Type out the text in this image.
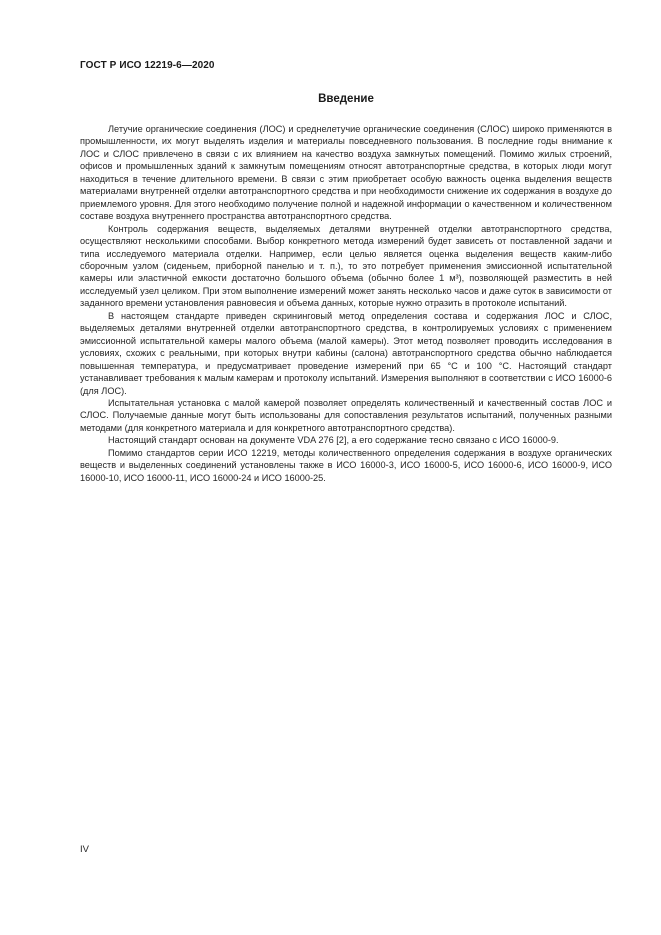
ГОСТ Р ИСО 12219-6—2020
Введение

Летучие органические соединения (ЛОС) и среднелетучие органические соединения (СЛОС) широко применяются в промышленности, их могут выделять изделия и материалы повседневного пользования. В последние годы внимание к ЛОС и СЛОС привлечено в связи с их влиянием на качество воздуха замкнутых помещений. Помимо жилых строений, офисов и промышленных зданий к замкнутым помещениям относят автотранспортные средства, в которых люди могут находиться в течение длительного времени. В связи с этим приобретает особую важность оценка выделения веществ материалами внутренней отделки автотранспортного средства и при необходимости снижение их содержания в воздухе до приемлемого уровня. Для этого необходимо получение полной и надежной информации о качественном и количественном составе воздуха внутреннего пространства автотранспортного средства.

Контроль содержания веществ, выделяемых деталями внутренней отделки автотранспортного средства, осуществляют несколькими способами. Выбор конкретного метода измерений будет зависеть от поставленной задачи и типа исследуемого материала отделки. Например, если целью является оценка выделения веществ каким-либо сборочным узлом (сиденьем, приборной панелью и т. п.), то это потребует применения эмиссионной испытательной камеры или эластичной емкости достаточно большого объема (обычно более 1 м³), позволяющей разместить в ней исследуемый узел целиком. При этом выполнение измерений может занять несколько часов и даже суток в зависимости от заданного времени установления равновесия и объема данных, которые нужно отразить в протоколе испытаний.

В настоящем стандарте приведен скрининговый метод определения состава и содержания ЛОС и СЛОС, выделяемых деталями внутренней отделки автотранспортного средства, в контролируемых условиях с применением эмиссионной испытательной камеры малого объема (малой камеры). Этот метод позволяет проводить исследования в условиях, схожих с реальными, при которых внутри кабины (салона) автотранспортного средства обычно наблюдается повышенная температура, и предусматривает проведение измерений при 65 °С и 100 °С. Настоящий стандарт устанавливает требования к малым камерам и протоколу испытаний. Измерения выполняют в соответствии с ИСО 16000-6 (для ЛОС).

Испытательная установка с малой камерой позволяет определять количественный и качественный состав ЛОС и СЛОС. Получаемые данные могут быть использованы для сопоставления результатов испытаний, полученных разными методами (для конкретного материала и для конкретного автотранспортного средства).

Настоящий стандарт основан на документе VDA 276 [2], а его содержание тесно связано с ИСО 16000-9.

Помимо стандартов серии ИСО 12219, методы количественного определения содержания в воздухе органических веществ и выделенных соединений установлены также в ИСО 16000-3, ИСО 16000-5, ИСО 16000-6, ИСО 16000-9, ИСО 16000-10, ИСО 16000-11, ИСО 16000-24 и ИСО 16000-25.

IV
